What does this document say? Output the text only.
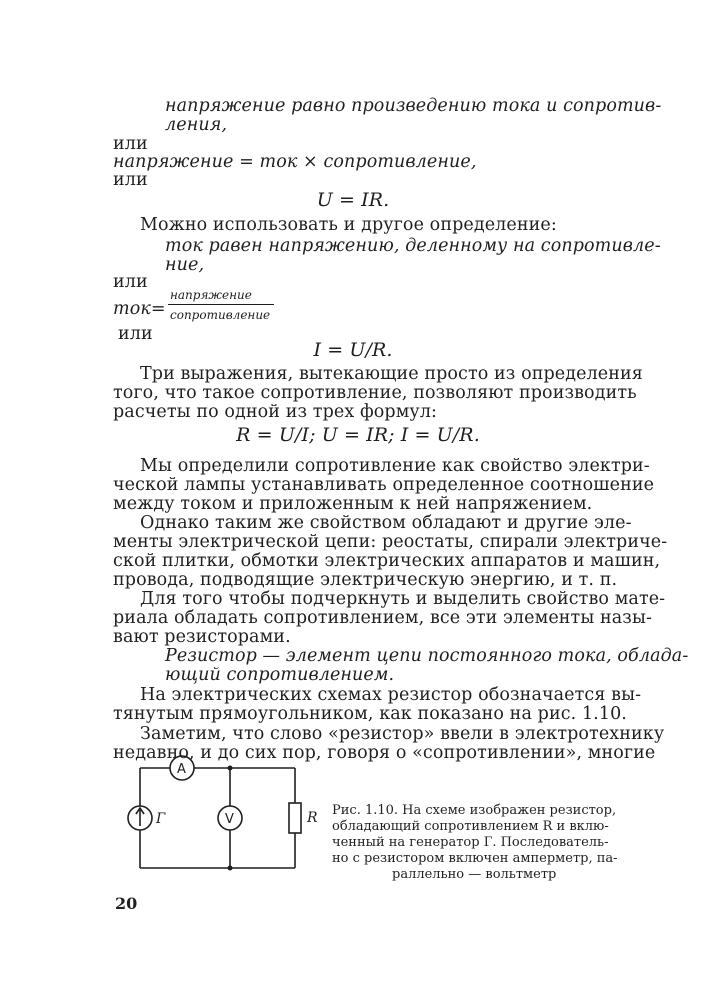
напряжение равно произведению тока и сопротив-
ления,
или
напряжение = ток × сопротивление,
или
U = IR.
Можно использовать и другое определение:
ток равен напряжению, деленному на сопротивле-
ние,
или
ток=
напряжение
сопротивление
или
I = U/R.
Три выражения, вытекающие просто из определения
того, что такое сопротивление, позволяют производить
расчеты по одной из трех формул:
R = U/I; U = IR; I = U/R.
Мы определили сопротивление как свойство электри-
ческой лампы устанавливать определенное соотношение
между током и приложенным к ней напряжением.
Однако таким же свойством обладают и другие эле-
менты электрической цепи: реостаты, спирали электриче-
ской плитки, обмотки электрических аппаратов и машин,
провода, подводящие электрическую энергию, и т. п.
Для того чтобы подчеркнуть и выделить свойство мате-
риала обладать сопротивлением, все эти элементы назы-
вают резисторами.
Резистор — элемент цепи постоянного тока, облада-
ющий сопротивлением.
На электрических схемах резистор обозначается вы-
тянутым прямоугольником, как показано на рис. 1.10.
Заметим, что слово «резистор» ввели в электротехнику
недавно, и до сих пор, говоря о «сопротивлении», многие
A
V
Г	R Рис. 1.10. На схеме изображен резистор,
обладающий сопротивлением R и вклю-
ченный на генератор Г. Последователь-
но с резистором включен амперметр, па-
раллельно — вольтметр
20
